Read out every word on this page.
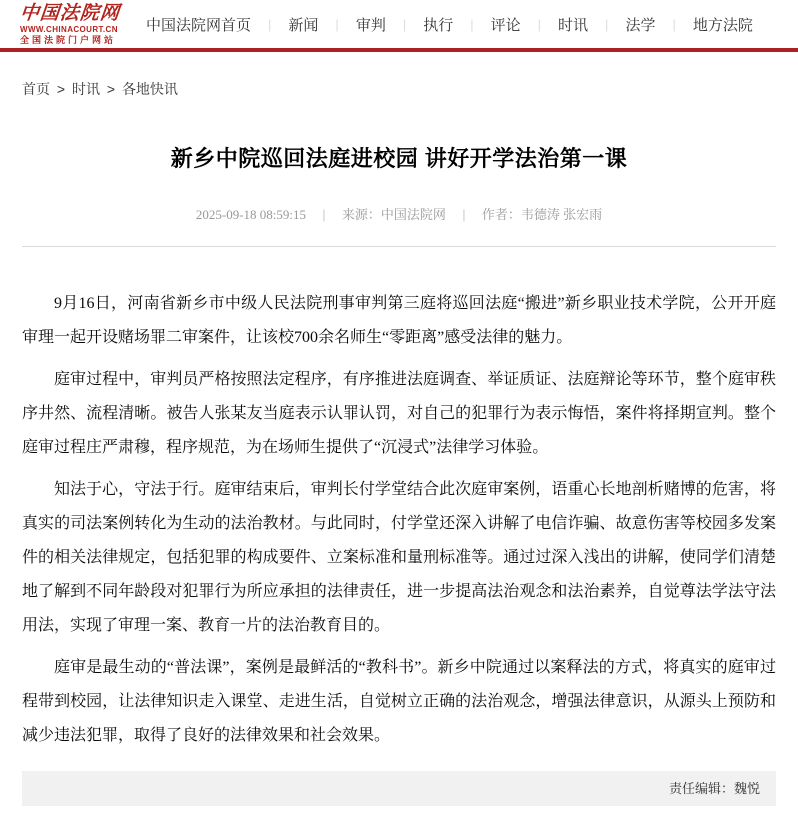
中国法院网
WWW.CHINACOURT.CN
全国法院门户网站
中国法院网首页	|	新闻	|	审判	|	执行	|	评论	|	时讯	|	法学	|	地方法院
首页 > 时讯 > 各地快讯
新乡中院巡回法庭进校园 讲好开学法治第一课
2025-09-18 08:59:15 | 来源：中国法院网 | 作者：韦德涛 张宏雨

9月16日，河南省新乡市中级人民法院刑事审判第三庭将巡回法庭“搬进”新乡职业技术学院，公开开庭审理一起开设赌场罪二审案件，让该校700余名师生“零距离”感受法律的魅力。

庭审过程中，审判员严格按照法定程序，有序推进法庭调查、举证质证、法庭辩论等环节，整个庭审秩序井然、流程清晰。被告人张某友当庭表示认罪认罚，对自己的犯罪行为表示悔悟，案件将择期宣判。整个庭审过程庄严肃穆，程序规范，为在场师生提供了“沉浸式”法律学习体验。

知法于心，守法于行。庭审结束后，审判长付学堂结合此次庭审案例，语重心长地剖析赌博的危害，将真实的司法案例转化为生动的法治教材。与此同时，付学堂还深入讲解了电信诈骗、故意伤害等校园多发案件的相关法律规定，包括犯罪的构成要件、立案标准和量刑标准等。通过过深入浅出的讲解，使同学们清楚地了解到不同年龄段对犯罪行为所应承担的法律责任，进一步提高法治观念和法治素养，自觉尊法学法守法用法，实现了审理一案、教育一片的法治教育目的。

庭审是最生动的“普法课”，案例是最鲜活的“教科书”。新乡中院通过以案释法的方式，将真实的庭审过程带到校园，让法律知识走入课堂、走进生活，自觉树立正确的法治观念，增强法律意识，从源头上预防和减少违法犯罪，取得了良好的法律效果和社会效果。

责任编辑：魏悦
